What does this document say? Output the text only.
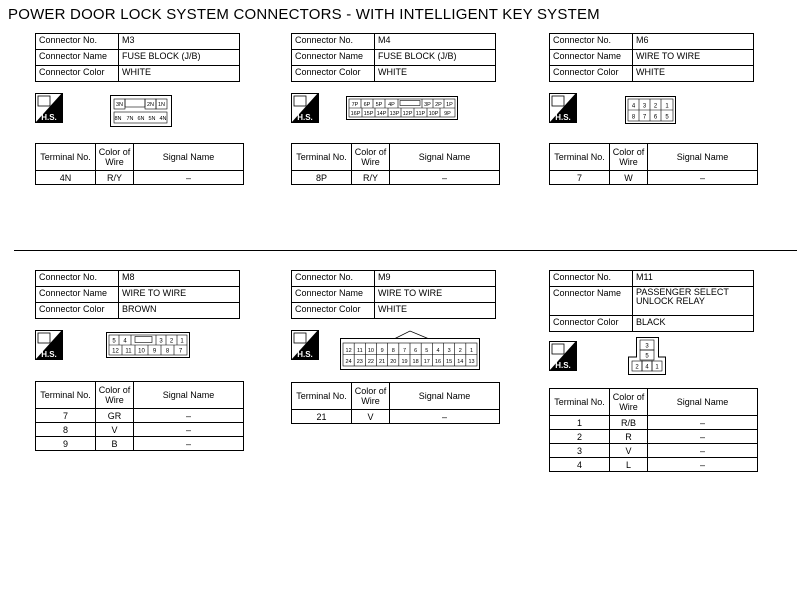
POWER DOOR LOCK SYSTEM CONNECTORS - WITH INTELLIGENT KEY SYSTEM
Connector No.	M3
Connector Name	FUSE BLOCK (J/B)
Connector Color	WHITE
H.S.
3N	2N 1N
8N 7N 6N 5N 4N
Terminal No.	Color of
Wire	Signal Name
4N	R/Y	–
Connector No.	M4
Connector Name	FUSE BLOCK (J/B)
Connector Color	WHITE
H.S.
7P 6P 5P 4P	3P 2P 1P
16P 15P 14P 13P 12P 11P 10P 9P
Terminal No.	Color of
Wire	Signal Name
8P	R/Y	–
Connector No.	M6
Connector Name	WIRE TO WIRE
Connector Color	WHITE
H.S.
4 3 2 1
8 7 6 5
Terminal No.	Color of
Wire	Signal Name
7	W	–
Connector No.	M8
Connector Name	WIRE TO WIRE
Connector Color	BROWN
H.S.
5 4	3 2 1
12 11 10 9 8 7
Terminal No.	Color of
Wire	Signal Name
7	GR	–
8	V	–
9	B	–
Connector No.	M9
Connector Name	WIRE TO WIRE
Connector Color	WHITE
H.S.	12 11 10 9 8 7 6 5 4 3 2 1
24 23 22 21 20 19 18 17 16 15 14 13
Terminal No.	Color of
Wire	Signal Name
21	V	–
Connector No.	M11
Connector Name	PASSENGER SELECT
UNLOCK RELAY
Connector Color	BLACK
H.S.
3
5
2 4 1
Terminal No.	Color of
Wire	Signal Name
1	R/B	–
2	R	–
3	V	–
4	L	–
